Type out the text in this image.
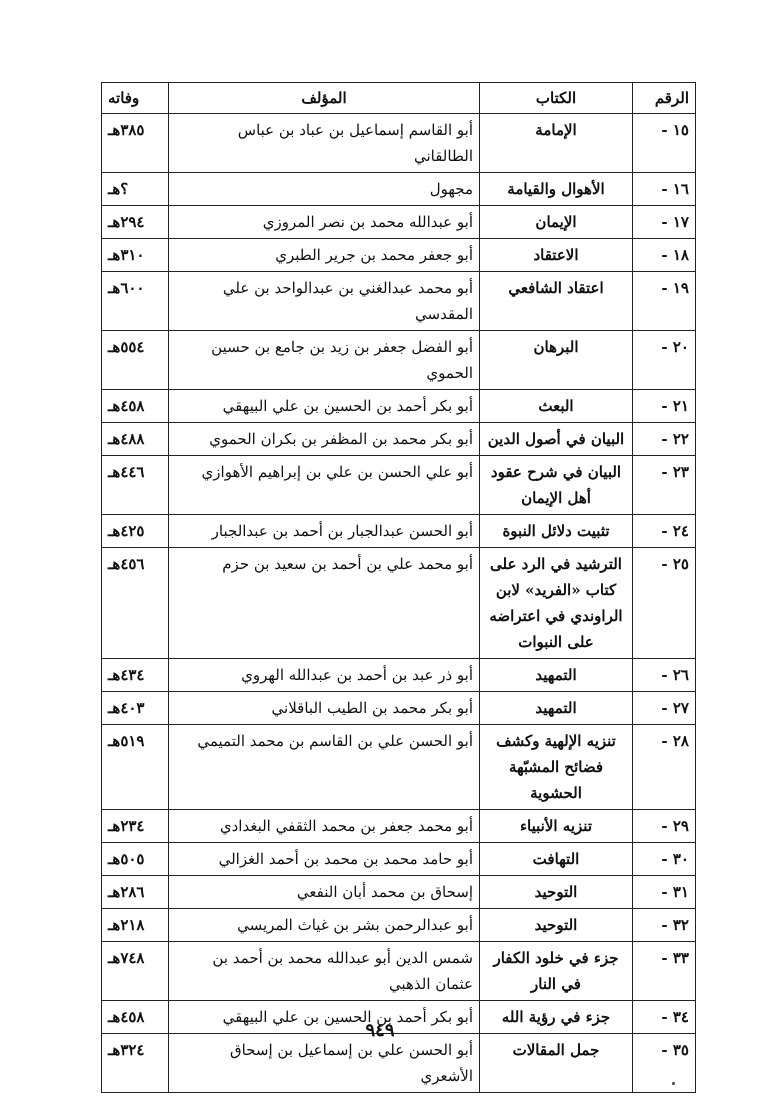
الرقم	الكتاب	المؤلف	وفاته
١٥ -	الإمامة	أبو القاسم إسماعيل بن عباد بن عباس الطالقاني	٣٨٥هـ
١٦ -	الأهوال والقيامة	مجهول	؟هـ
١٧ -	الإيمان	أبو عبدالله محمد بن نصر المروزي	٢٩٤هـ
١٨ -	الاعتقاد	أبو جعفر محمد بن جرير الطبري	٣١٠هـ
١٩ -	اعتقاد الشافعي	أبو محمد عبدالغني بن عبدالواحد بن علي المقدسي	٦٠٠هـ
٢٠ -	البرهان	أبو الفضل جعفر بن زيد بن جامع بن حسين الحموي	٥٥٤هـ
٢١ -	البعث	أبو بكر أحمد بن الحسين بن علي البيهقي	٤٥٨هـ
٢٢ -	البيان في أصول الدين	أبو بكر محمد بن المظفر بن بكران الحموي	٤٨٨هـ
٢٣ -	البيان في شرح عقود أهل الإيمان	أبو علي الحسن بن علي بن إبراهيم الأهوازي	٤٤٦هـ
٢٤ -	تثبيت دلائل النبوة	أبو الحسن عبدالجبار بن أحمد بن عبدالجبار	٤٢٥هـ
٢٥ -	الترشيد في الرد على كتاب «الفريد» لابن الراوندي في اعتراضه على النبوات	أبو محمد علي بن أحمد بن سعيد بن حزم	٤٥٦هـ
٢٦ -	التمهيد	أبو ذر عبد بن أحمد بن عبدالله الهروي	٤٣٤هـ
٢٧ -	التمهيد	أبو بكر محمد بن الطيب الباقلاني	٤٠٣هـ
٢٨ -	تنزيه الإلهية وكشف فضائح المشبّهة الحشوية	أبو الحسن علي بن القاسم بن محمد التميمي	٥١٩هـ
٢٩ -	تنزيه الأنبياء	أبو محمد جعفر بن محمد الثقفي البغدادي	٢٣٤هـ
٣٠ -	التهافت	أبو حامد محمد بن محمد بن أحمد الغزالي	٥٠٥هـ
٣١ -	التوحيد	إسحاق بن محمد أبان النفعي	٢٨٦هـ
٣٢ -	التوحيد	أبو عبدالرحمن بشر بن غياث المريسي	٢١٨هـ
٣٣ -	جزء في خلود الكفار في النار	شمس الدين أبو عبدالله محمد بن أحمد بن عثمان الذهبي	٧٤٨هـ
٣٤ -	جزء في رؤية الله	أبو بكر أحمد بن الحسين بن علي البيهقي	٤٥٨هـ
٣٥ -	جمل المقالات	أبو الحسن علي بن إسماعيل بن إسحاق الأشعري	٣٢٤هـ
٩٤٩
